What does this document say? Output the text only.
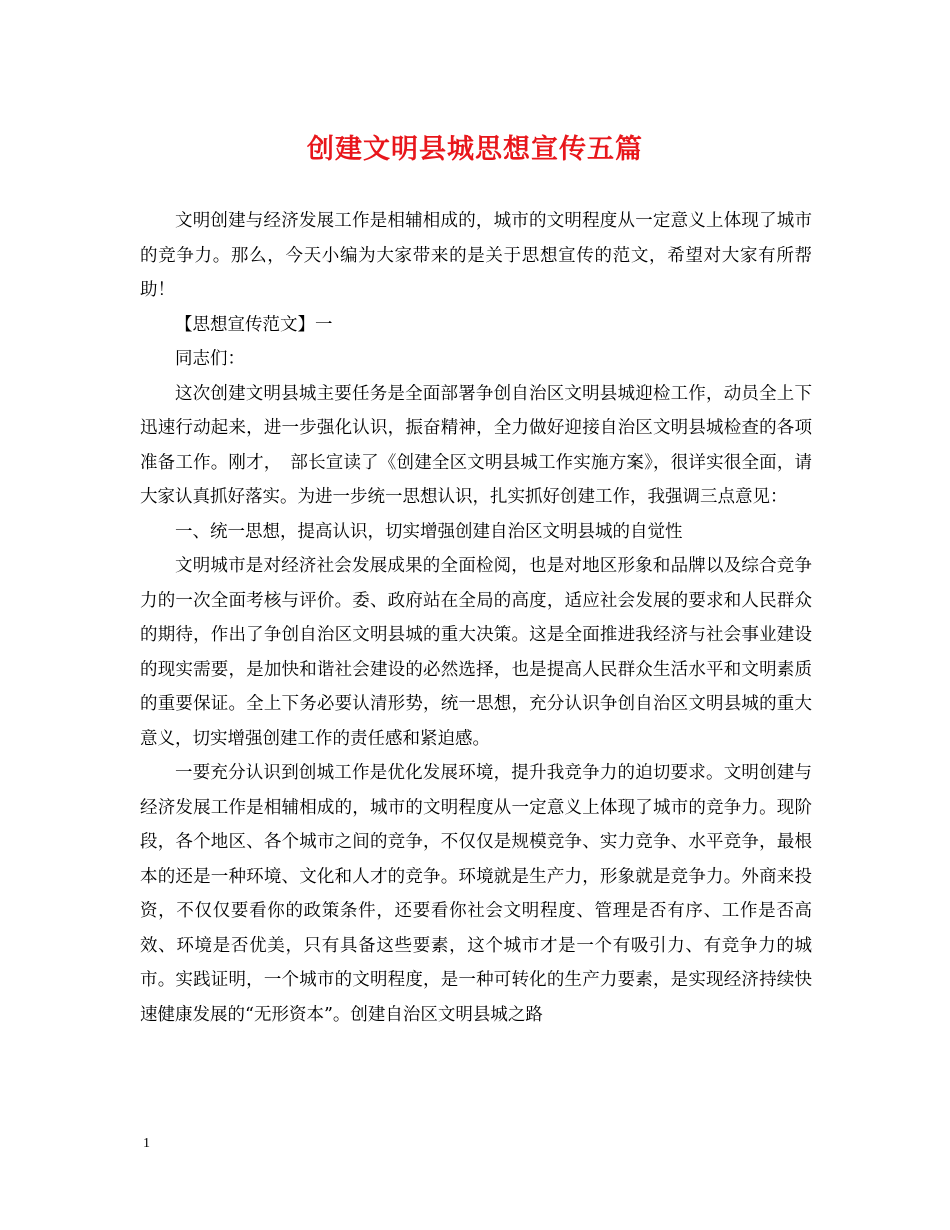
创建文明县城思想宣传五篇

文明创建与经济发展工作是相辅相成的，城市的文明程度从一定意义上体现了城市的竞争力。那么，今天小编为大家带来的是关于思想宣传的范文，希望对大家有所帮助！

【思想宣传范文】一

同志们：

这次创建文明县城主要任务是全面部署争创自治区文明县城迎检工作，动员全上下迅速行动起来，进一步强化认识，振奋精神，全力做好迎接自治区文明县城检查的各项准备工作。刚才，　部长宣读了《创建全区文明县城工作实施方案》，很详实很全面，请大家认真抓好落实。为进一步统一思想认识，扎实抓好创建工作，我强调三点意见：

一、统一思想，提高认识，切实增强创建自治区文明县城的自觉性

文明城市是对经济社会发展成果的全面检阅，也是对地区形象和品牌以及综合竞争力的一次全面考核与评价。委、政府站在全局的高度，适应社会发展的要求和人民群众的期待，作出了争创自治区文明县城的重大决策。这是全面推进我经济与社会事业建设的现实需要，是加快和谐社会建设的必然选择，也是提高人民群众生活水平和文明素质的重要保证。全上下务必要认清形势，统一思想，充分认识争创自治区文明县城的重大意义，切实增强创建工作的责任感和紧迫感。

一要充分认识到创城工作是优化发展环境，提升我竞争力的迫切要求。文明创建与经济发展工作是相辅相成的，城市的文明程度从一定意义上体现了城市的竞争力。现阶段，各个地区、各个城市之间的竞争，不仅仅是规模竞争、实力竞争、水平竞争，最根本的还是一种环境、文化和人才的竞争。环境就是生产力，形象就是竞争力。外商来投资，不仅仅要看你的政策条件，还要看你社会文明程度、管理是否有序、工作是否高效、环境是否优美，只有具备这些要素，这个城市才是一个有吸引力、有竞争力的城市。实践证明，一个城市的文明程度，是一种可转化的生产力要素，是实现经济持续快速健康发展的“无形资本”。创建自治区文明县城之路

1
